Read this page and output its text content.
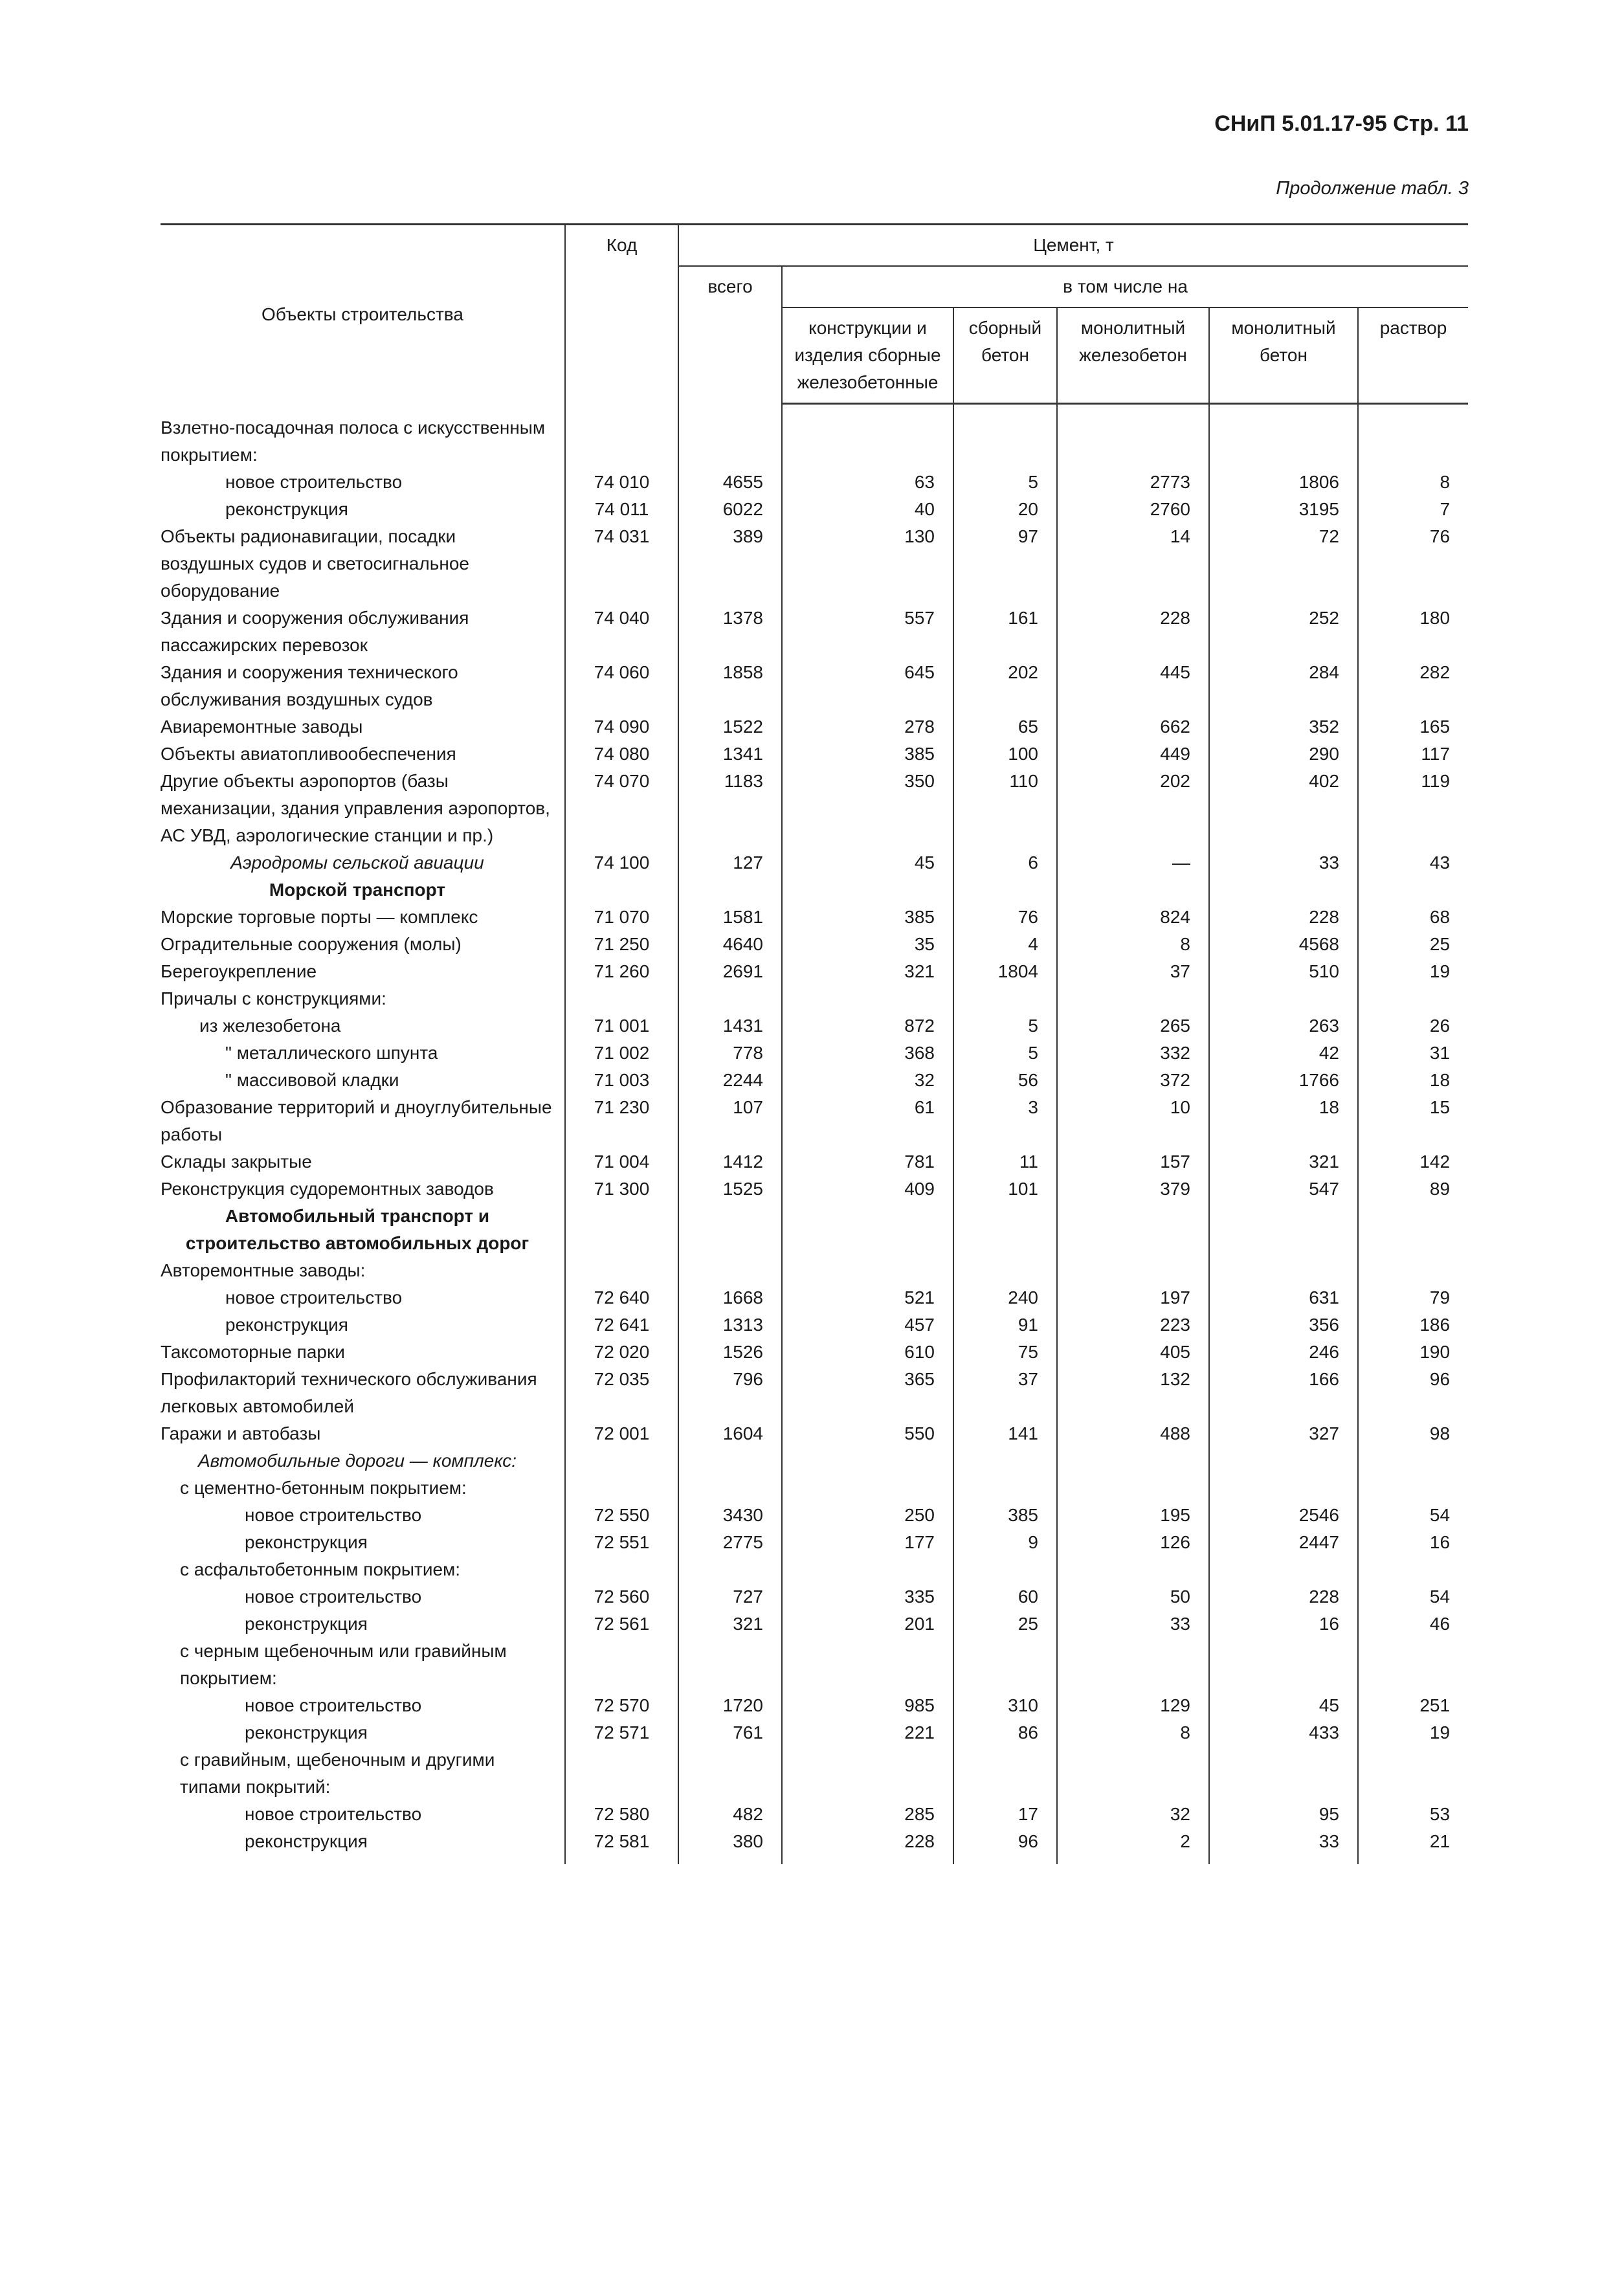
СНиП 5.01.17-95 Стр. 11
Продолжение табл. 3
Объекты строительства	Код	Цемент, т					
		всего	в том числе на				
			конструкции и изделия сборные железобетонные	сборный бетон	монолитный железобетон	монолитный бетон	раствор
Взлетно-посадочная полоса с искусственным покрытием:							
новое строительство	74 010	4655	63	5	2773	1806	8
реконструкция	74 011	6022	40	20	2760	3195	7
Объекты радионавигации, посадки воздушных судов и светосигнальное оборудование	74 031	389	130	97	14	72	76
Здания и сооружения обслуживания пассажирских перевозок	74 040	1378	557	161	228	252	180
Здания и сооружения технического обслуживания воздушных судов	74 060	1858	645	202	445	284	282
Авиаремонтные заводы	74 090	1522	278	65	662	352	165
Объекты авиатопливообеспечения	74 080	1341	385	100	449	290	117
Другие объекты аэропортов (базы механизации, здания управления аэропортов, АС УВД, аэрологические станции и пр.)	74 070	1183	350	110	202	402	119
Аэродромы сельской авиации	74 100	127	45	6	—	33	43
Морской транспорт							
Морские торговые порты — комплекс	71 070	1581	385	76	824	228	68
Оградительные сооружения (молы)	71 250	4640	35	4	8	4568	25
Берегоукрепление	71 260	2691	321	1804	37	510	19
Причалы с конструкциями:							
из железобетона	71 001	1431	872	5	265	263	26
" металлического шпунта	71 002	778	368	5	332	42	31
" массивовой кладки	71 003	2244	32	56	372	1766	18
Образование территорий и дноуглубительные работы	71 230	107	61	3	10	18	15
Склады закрытые	71 004	1412	781	11	157	321	142
Реконструкция судоремонтных заводов	71 300	1525	409	101	379	547	89
Автомобильный транспорт и строительство автомобильных дорог							
Авторемонтные заводы:							
новое строительство	72 640	1668	521	240	197	631	79
реконструкция	72 641	1313	457	91	223	356	186
Таксомоторные парки	72 020	1526	610	75	405	246	190
Профилакторий технического обслуживания легковых автомобилей	72 035	796	365	37	132	166	96
Гаражи и автобазы	72 001	1604	550	141	488	327	98
Автомобильные дороги — комплекс:							
с цементно-бетонным покрытием:							
новое строительство	72 550	3430	250	385	195	2546	54
реконструкция	72 551	2775	177	9	126	2447	16
с асфальтобетонным покрытием:							
новое строительство	72 560	727	335	60	50	228	54
реконструкция	72 561	321	201	25	33	16	46
с черным щебеночным или гравийным покрытием:							
новое строительство	72 570	1720	985	310	129	45	251
реконструкция	72 571	761	221	86	8	433	19
с гравийным, щебеночным и другими типами покрытий:							
новое строительство	72 580	482	285	17	32	95	53
реконструкция	72 581	380	228	96	2	33	21
